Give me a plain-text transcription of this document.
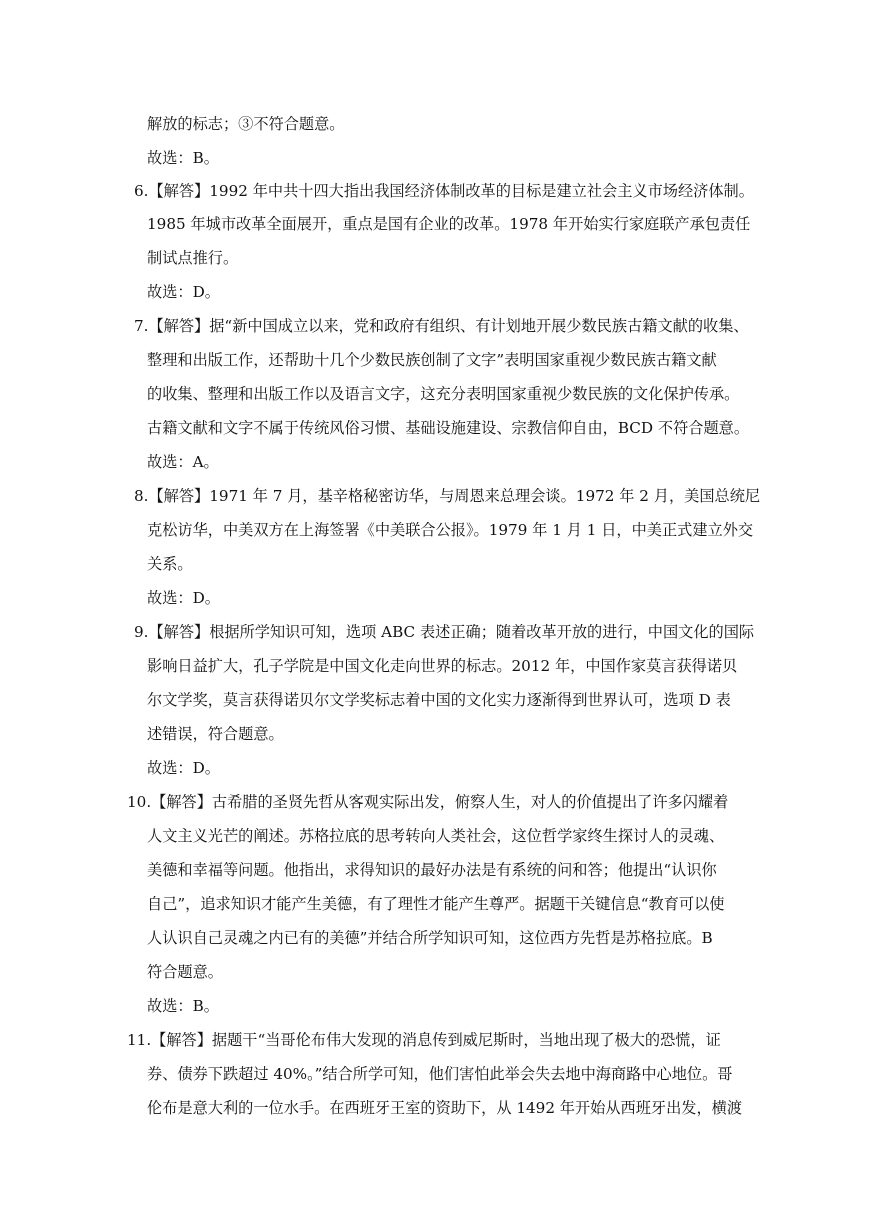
解放的标志；③不符合题意。
故选：B。
6.【解答】1992 年中共十四大指出我国经济体制改革的目标是建立社会主义市场经济体制。
1985 年城市改革全面展开，重点是国有企业的改革。1978 年开始实行家庭联产承包责任
制试点推行。
故选：D。
7.【解答】据“新中国成立以来，党和政府有组织、有计划地开展少数民族古籍文献的收集、
整理和出版工作，还帮助十几个少数民族创制了文字”表明国家重视少数民族古籍文献
的收集、整理和出版工作以及语言文字，这充分表明国家重视少数民族的文化保护传承。
古籍文献和文字不属于传统风俗习惯、基础设施建设、宗教信仰自由，BCD 不符合题意。
故选：A。
8.【解答】1971 年 7 月，基辛格秘密访华，与周恩来总理会谈。1972 年 2 月，美国总统尼
克松访华，中美双方在上海签署《中美联合公报》。1979 年 1 月 1 日，中美正式建立外交
关系。
故选：D。
9.【解答】根据所学知识可知，选项 ABC 表述正确；随着改革开放的进行，中国文化的国际
影响日益扩大，孔子学院是中国文化走向世界的标志。2012 年，中国作家莫言获得诺贝
尔文学奖，莫言获得诺贝尔文学奖标志着中国的文化实力逐渐得到世界认可，选项 D 表
述错误，符合题意。
故选：D。
10.【解答】古希腊的圣贤先哲从客观实际出发，俯察人生，对人的价值提出了许多闪耀着
人文主义光芒的阐述。苏格拉底的思考转向人类社会，这位哲学家终生探讨人的灵魂、
美德和幸福等问题。他指出，求得知识的最好办法是有系统的问和答；他提出“认识你
自己”，追求知识才能产生美德，有了理性才能产生尊严。据题干关键信息“教育可以使
人认识自己灵魂之内已有的美德”并结合所学知识可知，这位西方先哲是苏格拉底。B
符合题意。
故选：B。
11.【解答】据题干“当哥伦布伟大发现的消息传到威尼斯时，当地出现了极大的恐慌，证
券、债券下跌超过 40%。”结合所学可知，他们害怕此举会失去地中海商路中心地位。哥
伦布是意大利的一位水手。在西班牙王室的资助下，从 1492 年开始从西班牙出发，横渡
